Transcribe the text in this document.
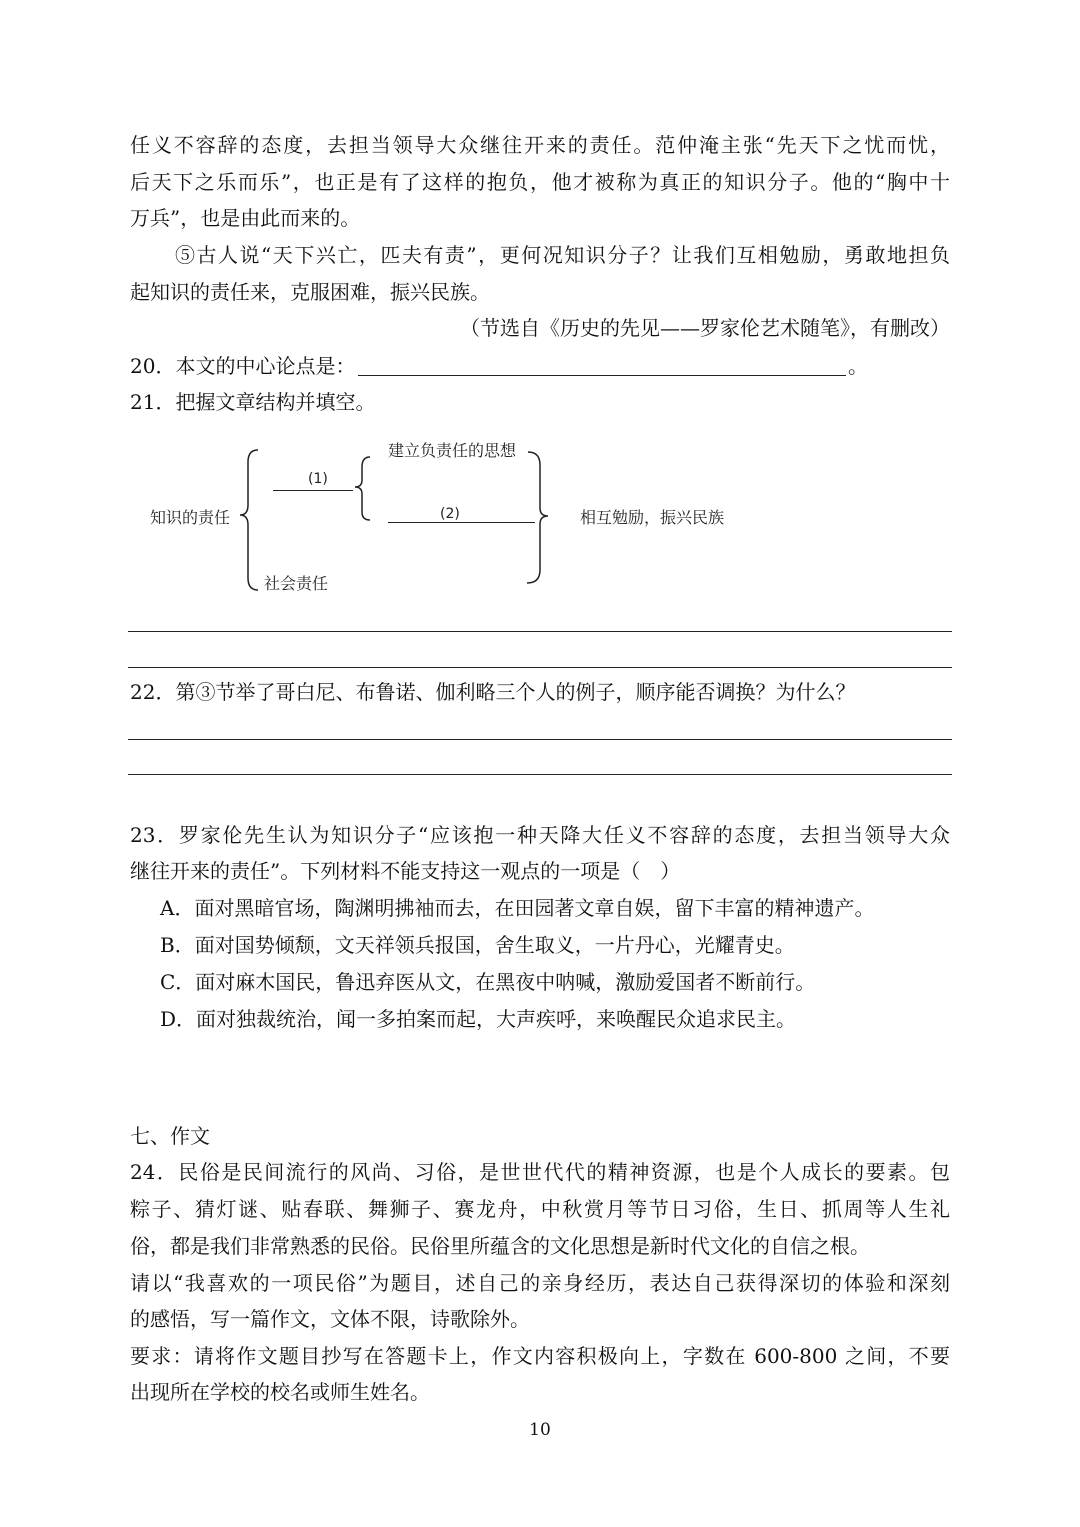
任义不容辞的态度，去担当领导大众继往开来的责任。范仲淹主张“先天下之忧而忧，
后天下之乐而乐”，也正是有了这样的抱负，他才被称为真正的知识分子。他的“胸中十
万兵”，也是由此而来的。
⑤古人说“天下兴亡，匹夫有责”，更何况知识分子？让我们互相勉励，勇敢地担负
起知识的责任来，克服困难，振兴民族。
（节选自《历史的先见——罗家伦艺术随笔》，有删改）
20．本文的中心论点是：	。
21．把握文章结构并填空。
知识的责任
(1)
建立负责任的思想
(2)
社会责任
相互勉励，振兴民族
22．第③节举了哥白尼、布鲁诺、伽利略三个人的例子，顺序能否调换？为什么？
23．罗家伦先生认为知识分子“应该抱一种天降大任义不容辞的态度，去担当领导大众
继往开来的责任”。下列材料不能支持这一观点的一项是（　）
A．面对黑暗官场，陶渊明拂袖而去，在田园著文章自娱，留下丰富的精神遗产。
B．面对国势倾颓，文天祥领兵报国，舍生取义，一片丹心，光耀青史。
C．面对麻木国民，鲁迅弃医从文，在黑夜中呐喊，激励爱国者不断前行。
D．面对独裁统治，闻一多拍案而起，大声疾呼，来唤醒民众追求民主。
七、作文
24．民俗是民间流行的风尚、习俗，是世世代代的精神资源，也是个人成长的要素。包
粽子、猜灯谜、贴春联、舞狮子、赛龙舟，中秋赏月等节日习俗，生日、抓周等人生礼
俗，都是我们非常熟悉的民俗。民俗里所蕴含的文化思想是新时代文化的自信之根。
请以“我喜欢的一项民俗”为题目，述自己的亲身经历，表达自己获得深切的体验和深刻
的感悟，写一篇作文，文体不限，诗歌除外。
要求：请将作文题目抄写在答题卡上，作文内容积极向上，字数在 600-800 之间，不要
出现所在学校的校名或师生姓名。
10
